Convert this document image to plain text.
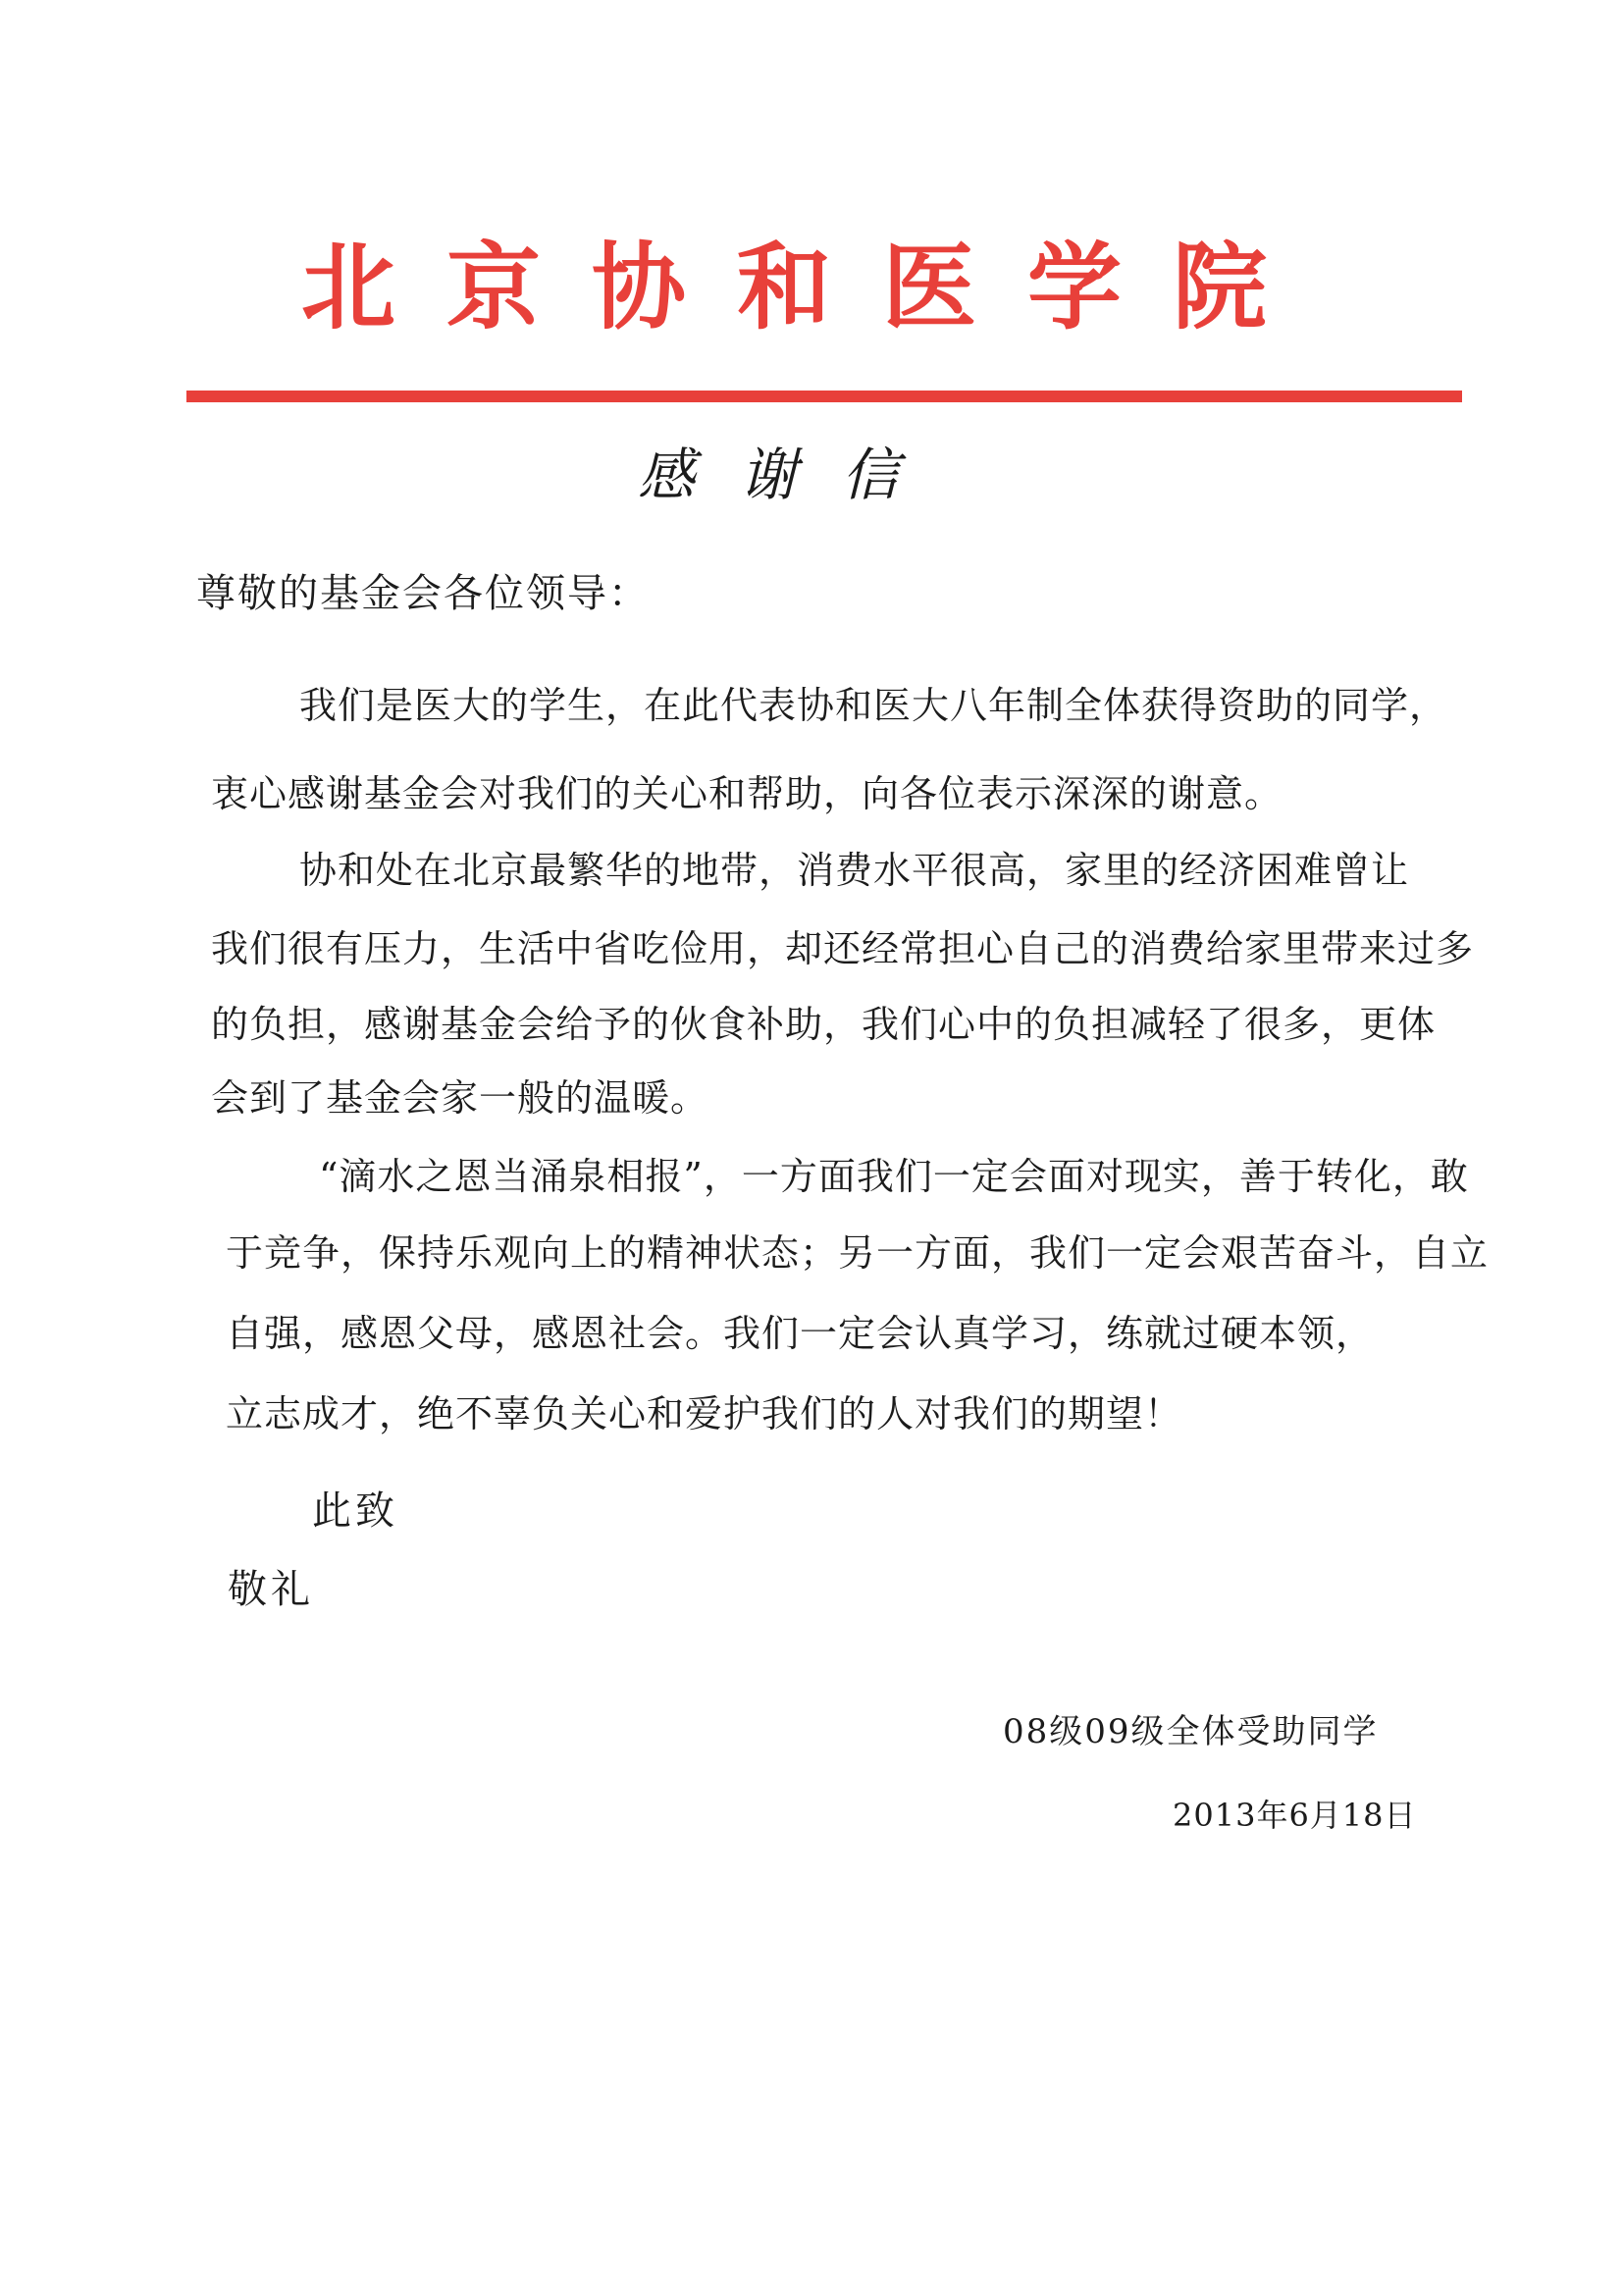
北京协和医学院
感谢信
尊敬的基金会各位领导：
我们是医大的学生，在此代表协和医大八年制全体获得资助的同学，
衷心感谢基金会对我们的关心和帮助，向各位表示深深的谢意。
协和处在北京最繁华的地带，消费水平很高，家里的经济困难曾让
我们很有压力，生活中省吃俭用，却还经常担心自己的消费给家里带来过多
的负担，感谢基金会给予的伙食补助，我们心中的负担减轻了很多，更体
会到了基金会家一般的温暖。
“滴水之恩当涌泉相报”，一方面我们一定会面对现实，善于转化，敢
于竞争，保持乐观向上的精神状态；另一方面，我们一定会艰苦奋斗，自立
自强，感恩父母，感恩社会。我们一定会认真学习，练就过硬本领，
立志成才，绝不辜负关心和爱护我们的人对我们的期望！
此致
敬礼
08级09级全体受助同学
2013年6月18日
